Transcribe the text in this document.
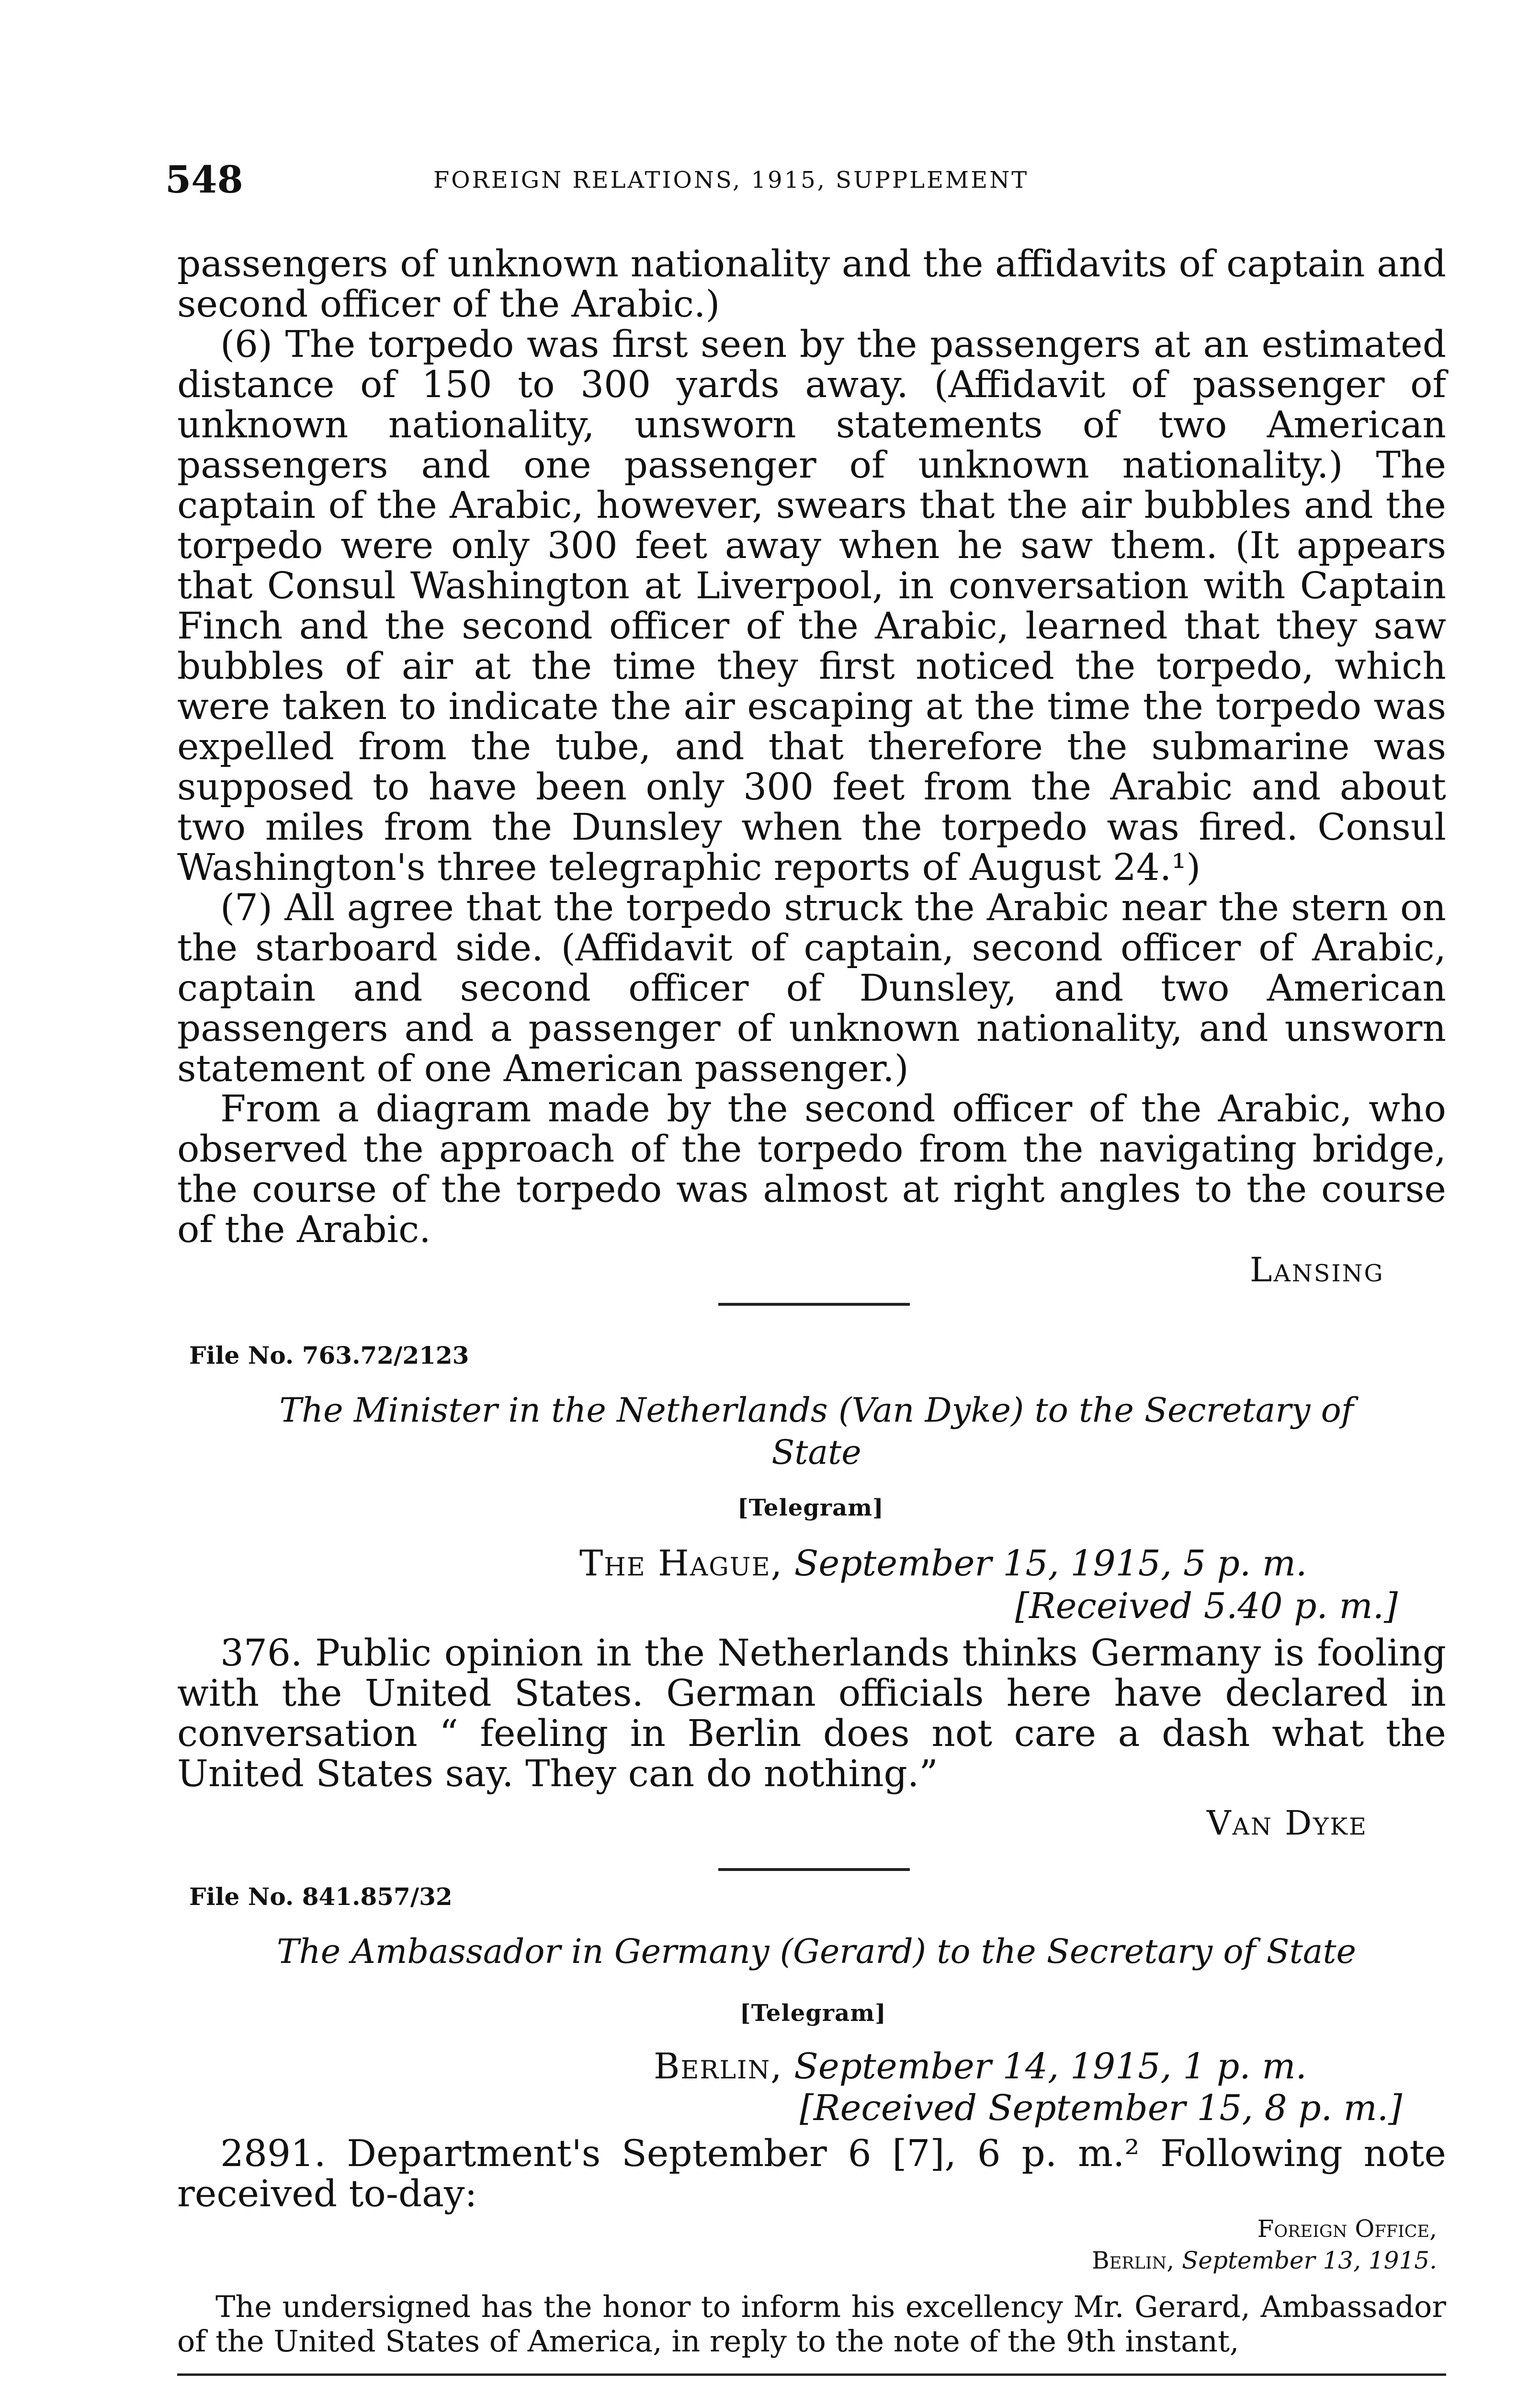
548	FOREIGN RELATIONS, 1915, SUPPLEMENT

passengers of unknown nationality and the affidavits of captain and second officer of the Arabic.)

(6) The torpedo was first seen by the passengers at an estimated distance of 150 to 300 yards away. (Affidavit of passenger of unknown nationality, unsworn statements of two American passengers and one passenger of unknown nationality.) The captain of the Arabic, however, swears that the air bubbles and the torpedo were only 300 feet away when he saw them. (It appears that Consul Washington at Liverpool, in conversation with Captain Finch and the second officer of the Arabic, learned that they saw bubbles of air at the time they first noticed the torpedo, which were taken to indicate the air escaping at the time the torpedo was expelled from the tube, and that therefore the submarine was supposed to have been only 300 feet from the Arabic and about two miles from the Dunsley when the torpedo was fired. Consul Washington's three telegraphic reports of August 24.¹)

(7) All agree that the torpedo struck the Arabic near the stern on the starboard side. (Affidavit of captain, second officer of Arabic, captain and second officer of Dunsley, and two American passengers and a passenger of unknown nationality, and unsworn statement of one American passenger.)

From a diagram made by the second officer of the Arabic, who observed the approach of the torpedo from the navigating bridge, the course of the torpedo was almost at right angles to the course of the Arabic.

Lansing
File No. 763.72/2123
The Minister in the Netherlands (Van Dyke) to the Secretary of
State
[Telegram]
The Hague, September 15, 1915, 5 p. m.
[Received 5.40 p. m.]

376. Public opinion in the Netherlands thinks Germany is fooling with the United States. German officials here have declared in conversation “ feeling in Berlin does not care a dash what the United States say. They can do nothing.”

Van Dyke
File No. 841.857/32
The Ambassador in Germany (Gerard) to the Secretary of State
[Telegram]
Berlin, September 14, 1915, 1 p. m.
[Received September 15, 8 p. m.]

2891. Department's September 6 [7], 6 p. m.² Following note received to-day:

Foreign Office,
Berlin, September 13, 1915.
The undersigned has the honor to inform his excellency Mr. Gerard, Ambassador of the United States of America, in reply to the note of the 9th instant,
